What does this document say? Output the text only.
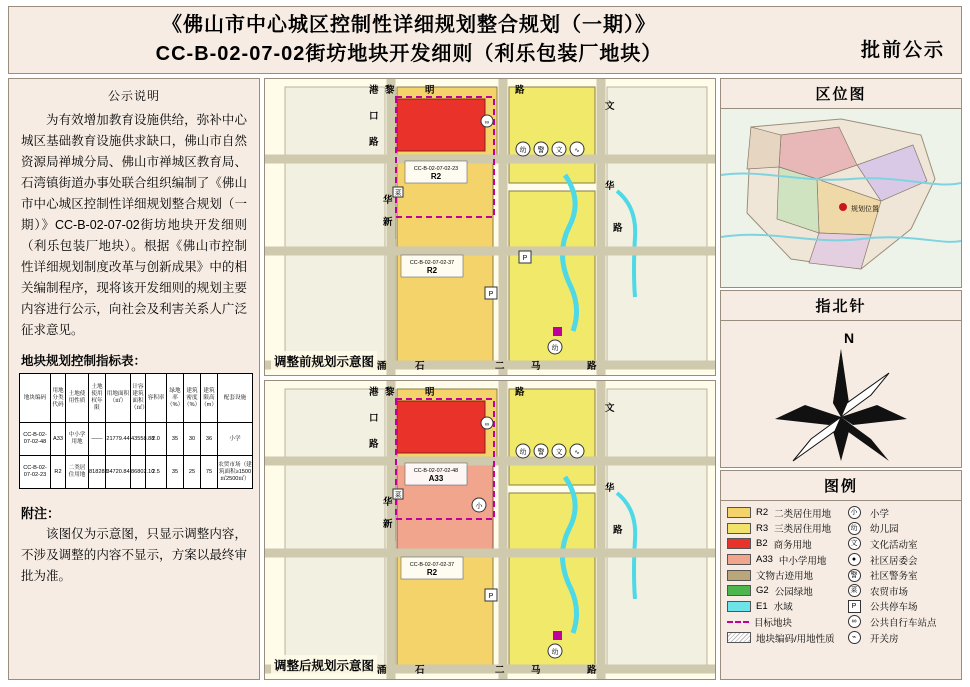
《佛山市中心城区控制性详细规划整合规划（一期）》
CC-B-02-07-02街坊地块开发细则（利乐包装厂地块）	批前公示
公示说明

为有效增加教育设施供给，弥补中心城区基础教育设施供求缺口，佛山市自然资源局禅城分局、佛山市禅城区教育局、石湾镇街道办事处联合组织编制了《佛山市中心城区控制性详细规划整合规划（一期）》CC-B-02-07-02街坊地块开发细则（利乐包装厂地块）。根据《佛山市控制性详细规划制度改革与创新成果》中的相关编制程序，现将该开发细则的规划主要内容进行公示，向社会及利害关系人广泛征求意见。

地块规划控制指标表：
地块编码	用地分类代码	土地使用性质	土地使用权年限	用地面积（㎡）	计容建筑面积（㎡）	容积率	绿地率（%）	建筑密度（%）	建筑限高（m）	配套设施
CC-B-02-07-02-48	A33	中小学用地	——	21779.44	43558.88	2.0	35	30	36	小学
CC-B-02-07-02-23	R2	二类居住用地	818283	34720.84	86802.10	2.5	35	25	75	农贸市场（建筑面积≥1500㎡2500㎡）
附注：
该图仅为示意图，只显示调整内容，不涉及调整的内容不显示，方案以最终审批为准。
CC-B-02-07-02-23
R2
CC-B-02-07-02-37
R2
幼 警 文 ∿
∞
P
P
幼
菜
港
口
路
黎	明	路
文
华
路
华
新
石	二	马	路
涌
调整前规划示意图
CC-B-02-07-02-48
A33
CC-B-02-07-02-37
R2
幼 警 文 ∿
∞
小
P
幼
菜
港
口
路
黎	明	路
文
华
路
华
新
石	二	马	路
涌
调整后规划示意图
区位图
规划位置
指北针
N
图例
R2 二类居住用地
R3 三类居住用地
B2 商务用地
A33 中小学用地
文物古迹用地
G2 公园绿地
E1 水域
目标地块
地块编码/用地性质
小	小学
幼	幼儿园
文	文化活动室
●	社区居委会
警	社区警务室
菜	农贸市场
P	公共停车场
∞	公共自行车站点
⌁	开关房
